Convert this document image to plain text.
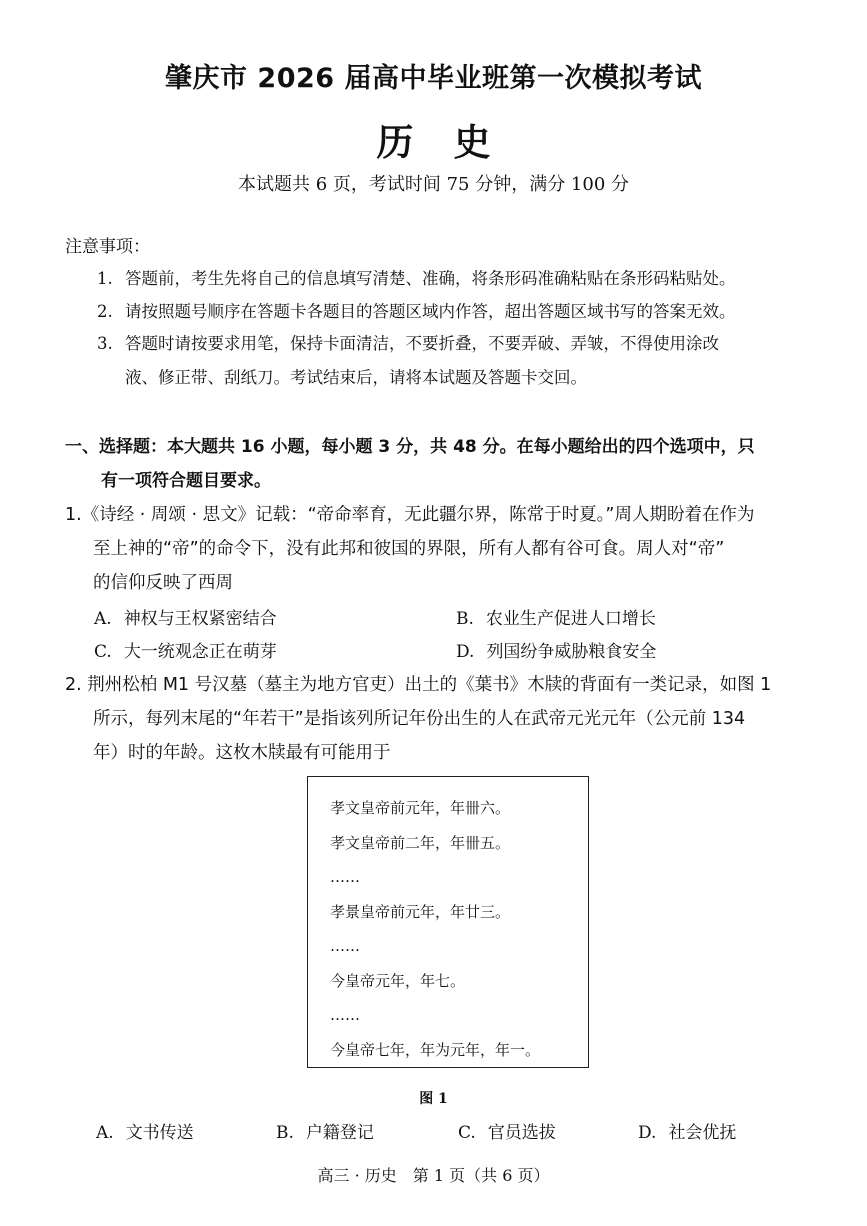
肇庆市 2026 届高中毕业班第一次模拟考试
历史
本试题共 6 页，考试时间 75 分钟，满分 100 分
注意事项：
1. 答题前，考生先将自己的信息填写清楚、准确，将条形码准确粘贴在条形码粘贴处。
2. 请按照题号顺序在答题卡各题目的答题区域内作答，超出答题区域书写的答案无效。
3. 答题时请按要求用笔，保持卡面清洁，不要折叠，不要弄破、弄皱，不得使用涂改
液、修正带、刮纸刀。考试结束后，请将本试题及答题卡交回。
一、选择题：本大题共 16 小题，每小题 3 分，共 48 分。在每小题给出的四个选项中，只
有一项符合题目要求。
1.《诗经 · 周颂 · 思文》记载：“帝命率育，无此疆尔界，陈常于时夏。”周人期盼着在作为
至上神的“帝”的命令下，没有此邦和彼国的界限，所有人都有谷可食。周人对“帝”
的信仰反映了西周
A. 神权与王权紧密结合	B. 农业生产促进人口增长
C. 大一统观念正在萌芽	D. 列国纷争威胁粮食安全
2. 荆州松柏 M1 号汉墓（墓主为地方官吏）出土的《葉书》木牍的背面有一类记录，如图 1
所示，每列末尾的“年若干”是指该列所记年份出生的人在武帝元光元年（公元前 134
年）时的年龄。这枚木牍最有可能用于
孝文皇帝前元年，年卌六。
孝文皇帝前二年，年卌五。
……
孝景皇帝前元年，年廿三。
……
今皇帝元年，年七。
……
今皇帝七年，年为元年，年一。
图 1
A. 文书传送	B. 户籍登记	C. 官员选拔	D. 社会优抚
高三 · 历史　第 1 页（共 6 页）
